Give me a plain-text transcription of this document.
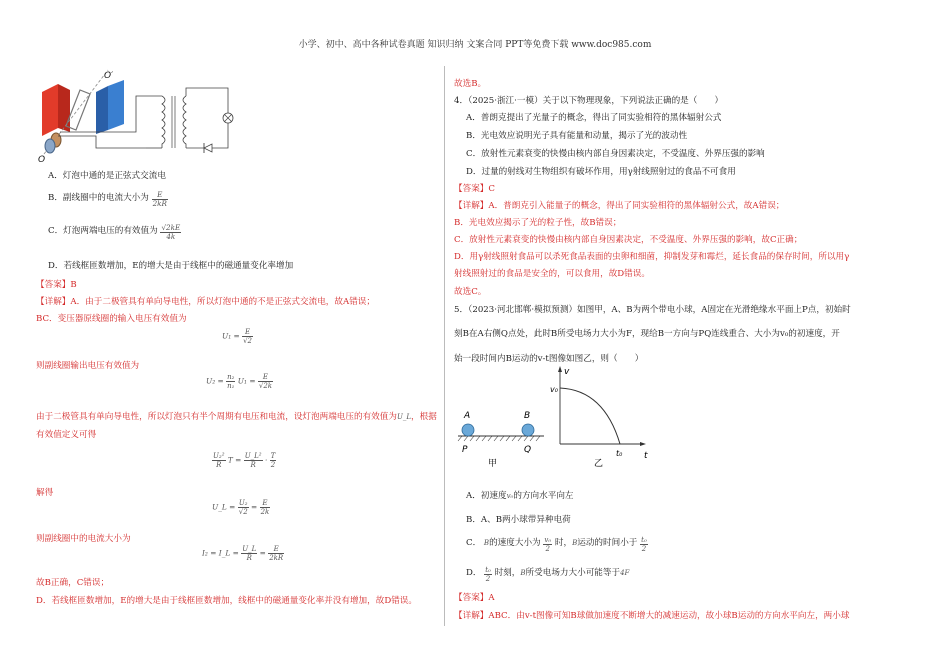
小学、初中、高中各种试卷真题 知识归纳 文案合同 PPT等免费下载 www.doc985.com
O′
O
A．灯泡中通的是正弦式交流电
B．副线圈中的电流大小为 $\frac{E}{2kR}$
C．灯泡两端电压的有效值为 $\frac{√2kE}{4k}$
D．若线框匝数增加，E的增大是由于线框中的磁通量变化率增加
【答案】B
【详解】A．由于二极管具有单向导电性，所以灯泡中通的不是正弦式交流电，故A错误；
BC．变压器原线圈的输入电压有效值为
$U_1 = \frac{E}{√2}$
则副线圈输出电压有效值为
$U_2 = \frac{\text{n₂}}{\text{n₁}} U_1 = \frac{E}{√2k}$
由于二极管具有单向导电性，所以灯泡只有半个周期有电压和电流，设灯泡两端电压的有效值为U_L，根据
有效值定义可得
$\frac{\text{U₂²}}{R}$ $T = \frac{\text{U\_L²}}{R} \cdot \frac{T}{2}$
解得
U_L = $\frac{\text{U₂}}{√2} = \frac{E}{2k}$
则副线圈中的电流大小为
I₂ = I_L = $\frac{U\_L}{R} = \frac{E}{2kR}$
故B正确，C错误；
D．若线框匝数增加，E的增大是由于线框匝数增加，线框中的磁通量变化率并没有增加，故D错误。
故选B。
4．（2025·浙江·一模）关于以下物理现象，下列说法正确的是（　　）
A．普朗克提出了光量子的概念，得出了同实验相符的黑体辐射公式
B．光电效应说明光子具有能量和动量，揭示了光的波动性
C．放射性元素衰变的快慢由核内部自身因素决定，不受温度、外界压强的影响
D．过量的射线对生物组织有破坏作用，用γ射线照射过的食品不可食用
【答案】C
【详解】A．普朗克引入能量子的概念，得出了同实验相符的黑体辐射公式，故A错误；
B．光电效应揭示了光的粒子性，故B错误；
C．放射性元素衰变的快慢由核内部自身因素决定，不受温度、外界压强的影响，故C正确；
D．用γ射线照射食品可以杀死食品表面的虫卵和细菌，抑制发芽和霉烂，延长食品的保存时间，所以用γ
射线照射过的食品是安全的，可以食用，故D错误。
故选C。
5．（2023·河北邯郸·模拟预测）如图甲，A、B为两个带电小球，A固定在光滑绝缘水平面上P点，初始时
刻B在A右侧Q点处，此时B所受电场力大小为F，现给B一方向与PQ连线重合、大小为v₀的初速度，开
始一段时间内B运动的v-t图像如图乙，则（　　）
A	B
P	Q
甲
v
v₀
t
t₀
乙
A．初速度v₀的方向水平向左
B．A、B两小球带异种电荷
C． B的速度大小为 $\frac{\text{v₀}}{2}$ 时，B运动的时间小于 $\frac{\text{t₀}}{2}$
D． $\frac{\text{t₀}}{2}$ 时刻，B所受电场力大小可能等于4F
【答案】A
【详解】ABC．由v-t图像可知B球做加速度不断增大的减速运动，故小球B运动的方向水平向左，两小球
